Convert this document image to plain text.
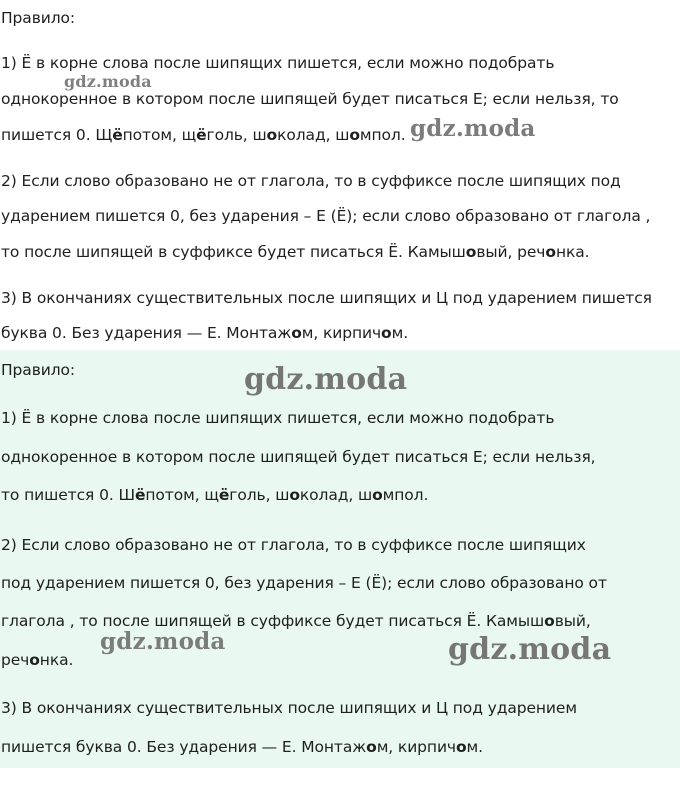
Правило:

1) Ё в корне слова после шипящих пишется, если можно подобрать

однокоренное в котором после шипящей будет писаться Е; если нельзя, то

пишется 0. Щёпотом, щёголь, шоколад, шомпол.

2) Если слово образовано не от глагола, то в суффиксе после шипящих под

ударением пишется 0, без ударения – Е (Ё); если слово образовано от глагола ,

то после шипящей в суффиксе будет писаться Ё. Камышовый, речонка.

3) В окончаниях существительных после шипящих и Ц под ударением пишется

буква 0. Без ударения — Е. Монтажом, кирпичом.

Правило:

1) Ё в корне слова после шипящих пишется, если можно подобрать

однокоренное в котором после шипящей будет писаться Е; если нельзя,

то пишется 0. Шёпотом, щёголь, шоколад, шомпол.

2) Если слово образовано не от глагола, то в суффиксе после шипящих

под ударением пишется 0, без ударения – Е (Ё); если слово образовано от

глагола , то после шипящей в суффиксе будет писаться Ё. Камышовый,

речонка.

3) В окончаниях существительных после шипящих и Ц под ударением

пишется буква 0. Без ударения — Е. Монтажом, кирпичом.

gdz.moda
gdz.moda
gdz.moda
gdz.moda	gdz.moda
